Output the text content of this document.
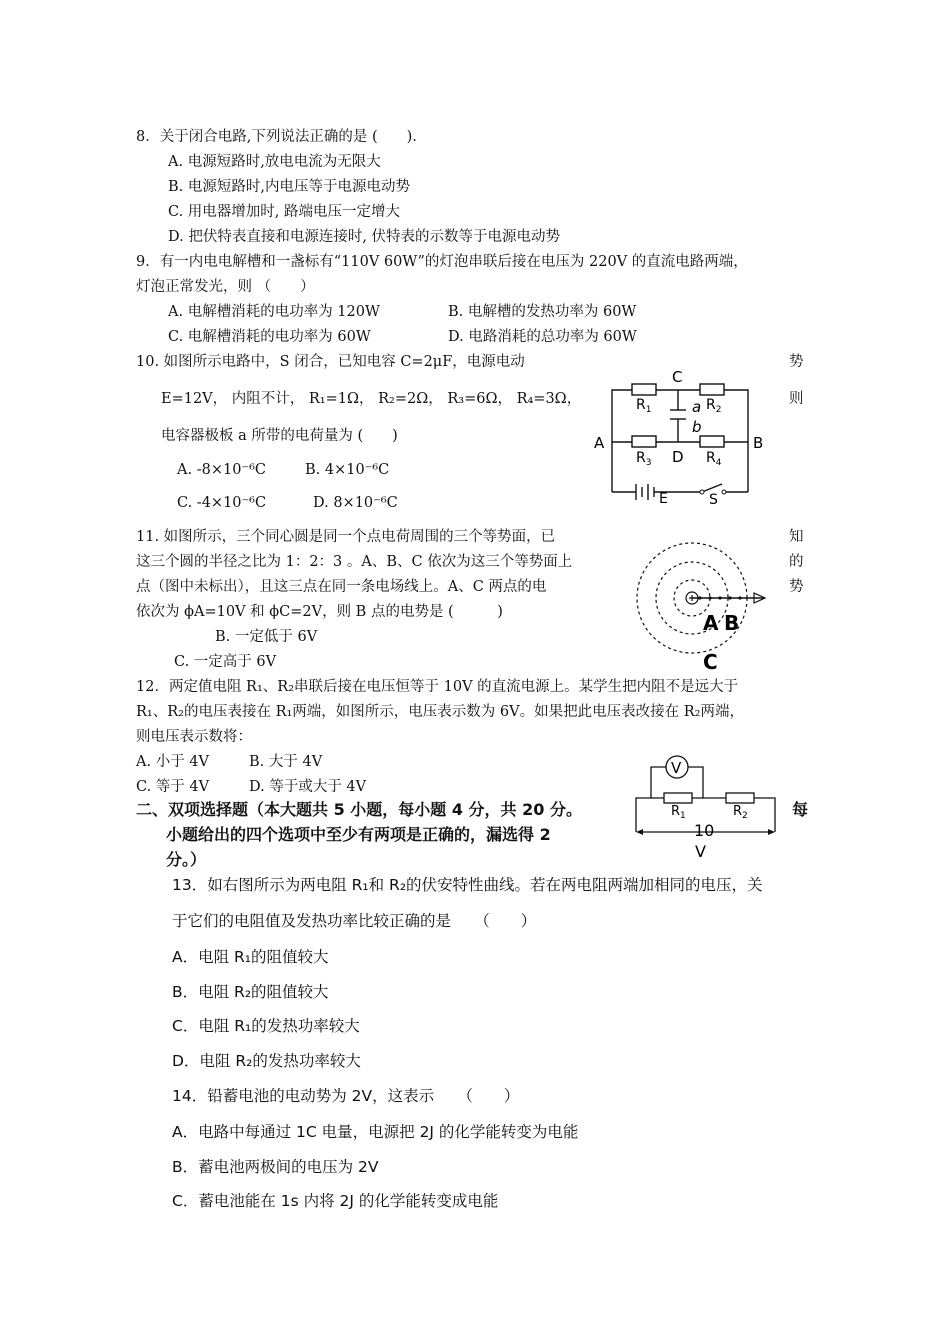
8．关于闭合电路,下列说法正确的是 (　　).
A. 电源短路时,放电电流为无限大
B. 电源短路时,内电压等于电源电动势
C. 用电器增加时, 路端电压一定增大
D. 把伏特表直接和电源连接时, 伏特表的示数等于电源电动势
9．有一内电电解槽和一盏标有“110V 60W”的灯泡串联后接在电压为 220V 的直流电路两端，
灯泡正常发光，则 （　　）
A. 电解槽消耗的电功率为 120W	B. 电解槽的发热功率为 60W
C. 电解槽消耗的电功率为 60W	D. 电路消耗的总功率为 60W
10. 如图所示电路中，S 闭合，已知电容 C=2μF，电源电动	势
E=12V， 内阻不计， R₁=1Ω， R₂=2Ω， R₃=6Ω， R₄=3Ω，	则
电容器极板 a 所带的电荷量为 (　　)
A. -8×10⁻⁶C	B. 4×10⁻⁶C
C. -4×10⁻⁶C	D. 8×10⁻⁶C
C
$R_1$	$R_2$
a
b
A	B
$R_3$ D $R_4$
E	S
11. 如图所示，三个同心圆是同一个点电荷周围的三个等势面，已	知
这三个圆的半径之比为 1：2：3 。A、B、C 依次为这三个等势面上	的
点（图中未标出），且这三点在同一条电场线上。A、C 两点的电	势
依次为 ϕA=10V 和 ϕC=2V，则 B 点的电势是 (　　　)
B. 一定低于 6V
C. 一定高于 6V
A B
C
12．两定值电阻 R₁、R₂串联后接在电压恒等于 10V 的直流电源上。某学生把内阻不是远大于
R₁、R₂的电压表接在 R₁两端，如图所示，电压表示数为 6V。如果把此电压表改接在 R₂两端，
则电压表示数将：
A. 小于 4V	B. 大于 4V
C. 等于 4V	D. 等于或大于 4V
V
$R_1$	$R_2$
10
V
二、双项选择题（本大题共 5 小题，每小题 4 分，共 20 分。	每
小题给出的四个选项中至少有两项是正确的，漏选得 2
分。）
13．如右图所示为两电阻 R₁和 R₂的伏安特性曲线。若在两电阻两端加相同的电压，关
于它们的电阻值及发热功率比较正确的是　　（　　）
A．电阻 R₁的阻值较大
B．电阻 R₂的阻值较大
C．电阻 R₁的发热功率较大
D．电阻 R₂的发热功率较大
14．铅蓄电池的电动势为 2V，这表示　　（　　）
A．电路中每通过 1C 电量，电源把 2J 的化学能转变为电能
B．蓄电池两极间的电压为 2V
C．蓄电池能在 1s 内将 2J 的化学能转变成电能
